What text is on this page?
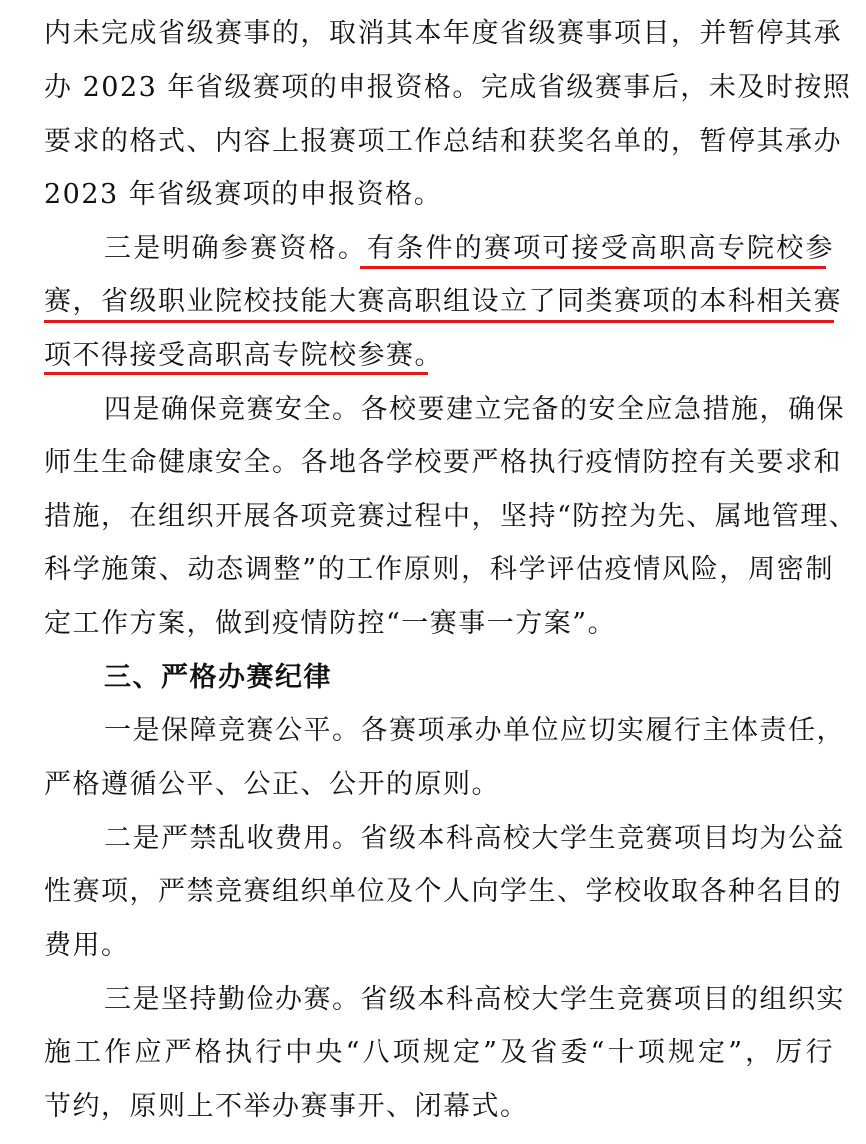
内未完成省级赛事的，取消其本年度省级赛事项目，并暂停其承
办 2023 年省级赛项的申报资格。完成省级赛事后，未及时按照
要求的格式、内容上报赛项工作总结和获奖名单的，暂停其承办
2023 年省级赛项的申报资格。
三是明确参赛资格。有条件的赛项可接受高职高专院校参
赛，省级职业院校技能大赛高职组设立了同类赛项的本科相关赛
项不得接受高职高专院校参赛。
四是确保竞赛安全。各校要建立完备的安全应急措施，确保
师生生命健康安全。各地各学校要严格执行疫情防控有关要求和
措施，在组织开展各项竞赛过程中，坚持“防控为先、属地管理、
科学施策、动态调整”的工作原则，科学评估疫情风险，周密制
定工作方案，做到疫情防控“一赛事一方案”。
三、严格办赛纪律
一是保障竞赛公平。各赛项承办单位应切实履行主体责任，
严格遵循公平、公正、公开的原则。
二是严禁乱收费用。省级本科高校大学生竞赛项目均为公益
性赛项，严禁竞赛组织单位及个人向学生、学校收取各种名目的
费用。
三是坚持勤俭办赛。省级本科高校大学生竞赛项目的组织实
施工作应严格执行中央“八项规定”及省委“十项规定”，厉行
节约，原则上不举办赛事开、闭幕式。
